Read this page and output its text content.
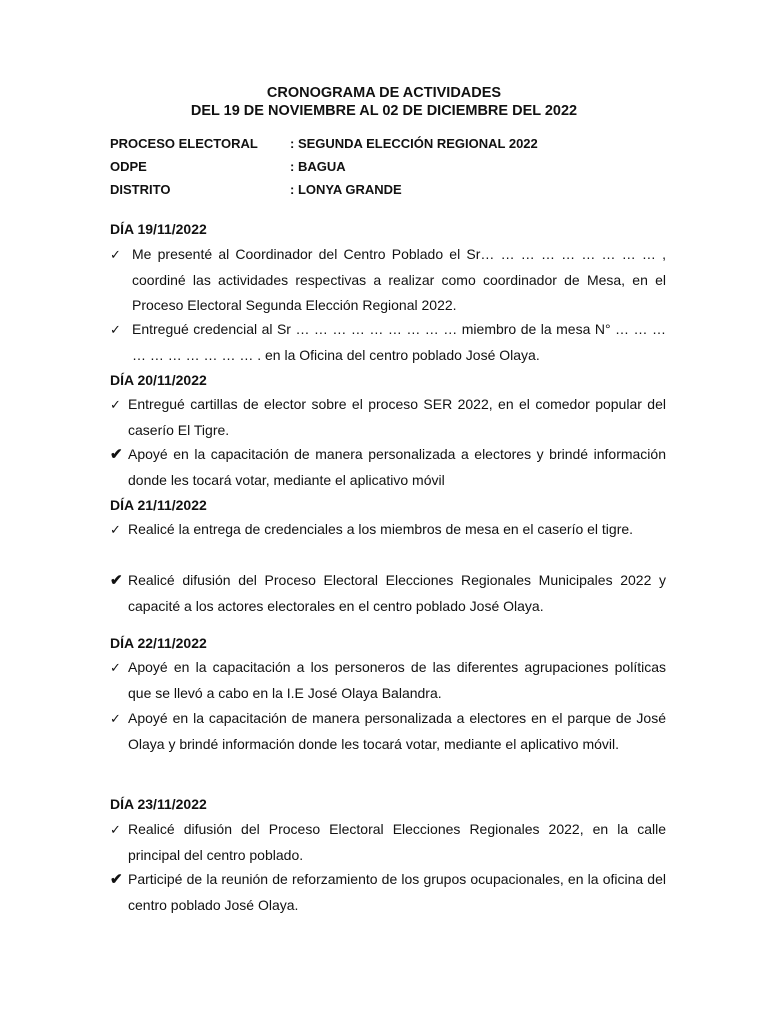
CRONOGRAMA DE ACTIVIDADES
DEL 19 DE NOVIEMBRE AL 02 DE DICIEMBRE DEL 2022
PROCESO ELECTORAL	: SEGUNDA ELECCIÓN REGIONAL 2022
ODPE	: BAGUA
DISTRITO	: LONYA GRANDE
DÍA 19/11/2022
✓ Me presenté al Coordinador del Centro Poblado el Sr… … … … … … … … … , coordiné las actividades respectivas a realizar como coordinador de Mesa, en el Proceso Electoral Segunda Elección Regional 2022.
✓ Entregué credencial al Sr … … … … … … … … … miembro de la mesa N° … … … … … … … … … … . en la Oficina del centro poblado José Olaya.
DÍA 20/11/2022
✓ Entregué cartillas de elector sobre el proceso SER 2022, en el comedor popular del caserío El Tigre.
✔ Apoyé en la capacitación de manera personalizada a electores y brindé información donde les tocará votar, mediante el aplicativo móvil
DÍA 21/11/2022
✓ Realicé la entrega de credenciales a los miembros de mesa en el caserío el tigre.
✔ Realicé difusión del Proceso Electoral Elecciones Regionales Municipales 2022 y capacité a los actores electorales en el centro poblado José Olaya.
DÍA 22/11/2022
✓ Apoyé en la capacitación a los personeros de las diferentes agrupaciones políticas que se llevó a cabo en la I.E José Olaya Balandra.
✓ Apoyé en la capacitación de manera personalizada a electores en el parque de José Olaya y brindé información donde les tocará votar, mediante el aplicativo móvil.
DÍA 23/11/2022
✓ Realicé difusión del Proceso Electoral Elecciones Regionales 2022, en la calle principal del centro poblado.
✔ Participé de la reunión de reforzamiento de los grupos ocupacionales, en la oficina del centro poblado José Olaya.
